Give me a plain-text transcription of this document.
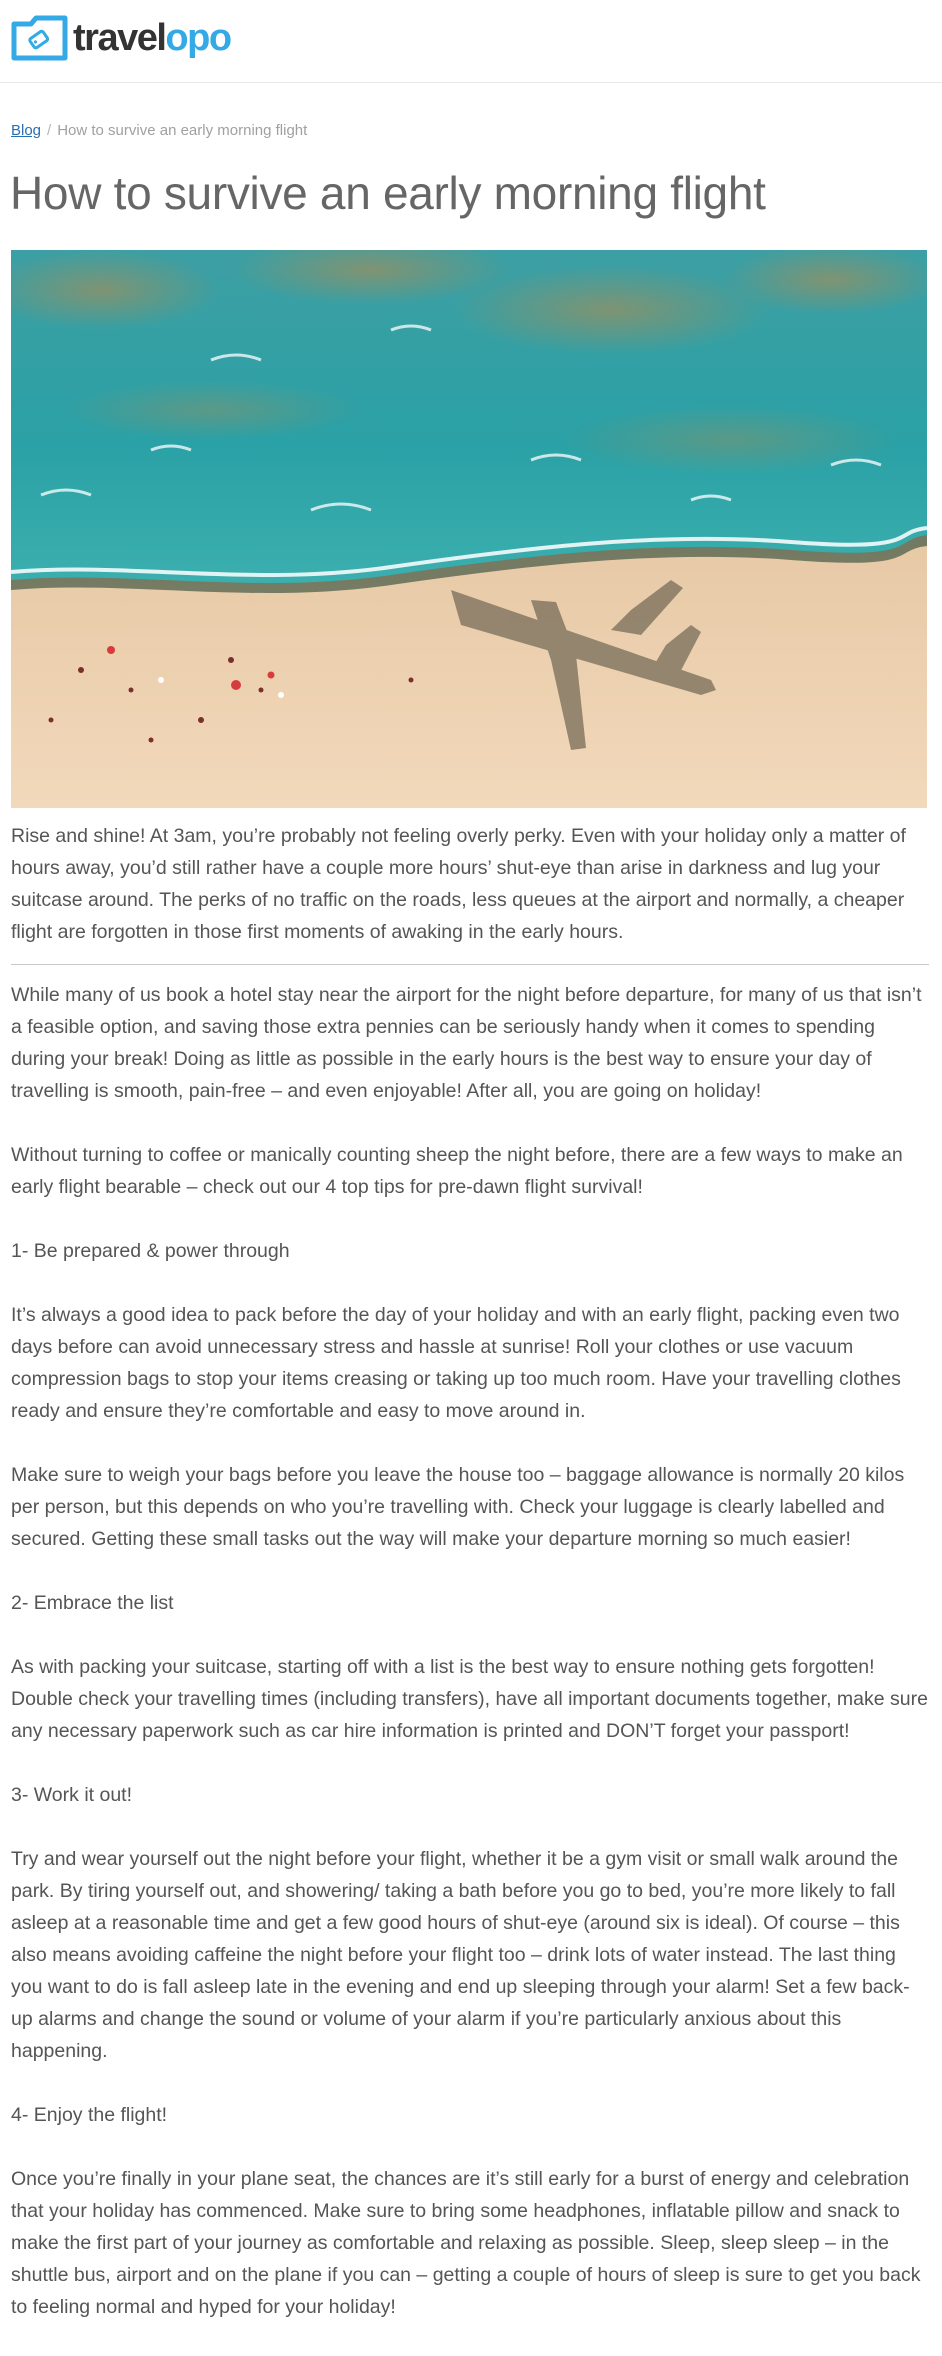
travelopo
Blog / How to survive an early morning flight
How to survive an early morning flight

Rise and shine! At 3am, you’re probably not feeling overly perky. Even with your holiday only a matter of hours away, you’d still rather have a couple more hours’ shut-eye than arise in darkness and lug your suitcase around. The perks of no traffic on the roads, less queues at the airport and normally, a cheaper flight are forgotten in those first moments of awaking in the early hours.

While many of us book a hotel stay near the airport for the night before departure, for many of us that isn’t a feasible option, and saving those extra pennies can be seriously handy when it comes to spending during your break! Doing as little as possible in the early hours is the best way to ensure your day of travelling is smooth, pain-free – and even enjoyable! After all, you are going on holiday!

Without turning to coffee or manically counting sheep the night before, there are a few ways to make an early flight bearable – check out our 4 top tips for pre-dawn flight survival!

1- Be prepared & power through

It’s always a good idea to pack before the day of your holiday and with an early flight, packing even two days before can avoid unnecessary stress and hassle at sunrise! Roll your clothes or use vacuum compression bags to stop your items creasing or taking up too much room. Have your travelling clothes ready and ensure they’re comfortable and easy to move around in.

Make sure to weigh your bags before you leave the house too – baggage allowance is normally 20 kilos per person, but this depends on who you’re travelling with. Check your luggage is clearly labelled and secured. Getting these small tasks out the way will make your departure morning so much easier!

2- Embrace the list

As with packing your suitcase, starting off with a list is the best way to ensure nothing gets forgotten! Double check your travelling times (including transfers), have all important documents together, make sure any necessary paperwork such as car hire information is printed and DON’T forget your passport!

3- Work it out!

Try and wear yourself out the night before your flight, whether it be a gym visit or small walk around the park. By tiring yourself out, and showering/ taking a bath before you go to bed, you’re more likely to fall asleep at a reasonable time and get a few good hours of shut-eye (around six is ideal). Of course – this also means avoiding caffeine the night before your flight too – drink lots of water instead. The last thing you want to do is fall asleep late in the evening and end up sleeping through your alarm! Set a few back-up alarms and change the sound or volume of your alarm if you’re particularly anxious about this happening.

4- Enjoy the flight!

Once you’re finally in your plane seat, the chances are it’s still early for a burst of energy and celebration that your holiday has commenced. Make sure to bring some headphones, inflatable pillow and snack to make the first part of your journey as comfortable and relaxing as possible. Sleep, sleep sleep – in the shuttle bus, airport and on the plane if you can – getting a couple of hours of sleep is sure to get you back to feeling normal and hyped for your holiday!
